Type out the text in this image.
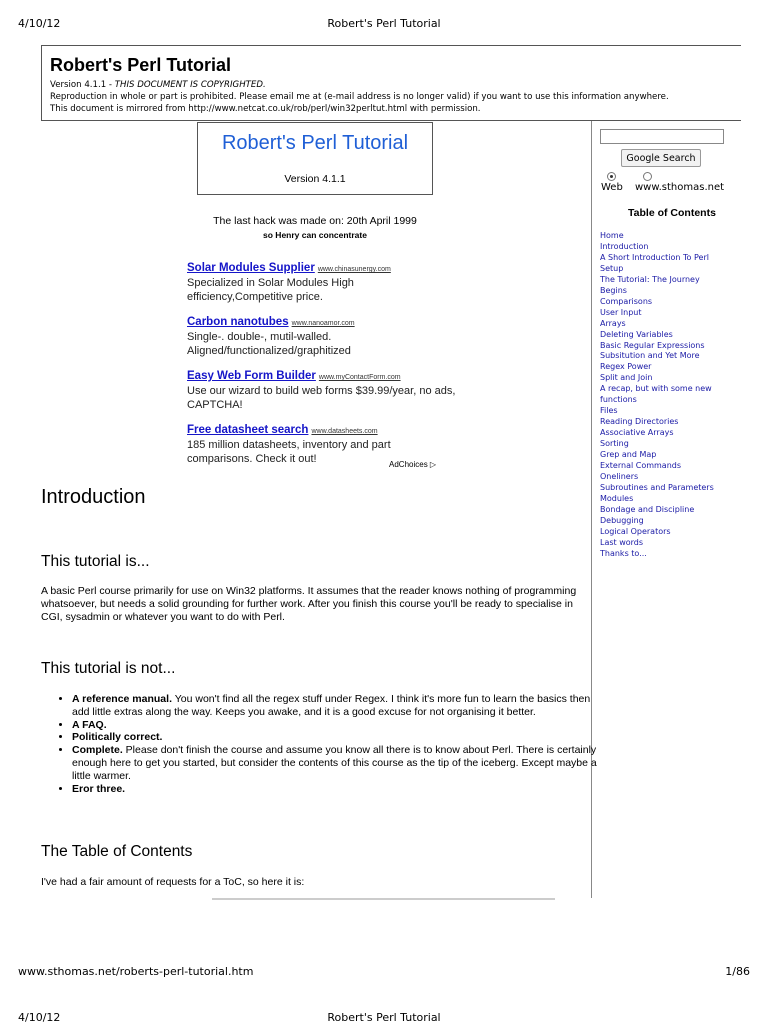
4/10/12	Robert's Perl Tutorial
Robert's Perl Tutorial
Version 4.1.1 - THIS DOCUMENT IS COPYRIGHTED.
Reproduction in whole or part is prohibited. Please email me at (e-mail address is no longer valid) if you want to use this information anywhere.
This document is mirrored from http://www.netcat.co.uk/rob/perl/win32perltut.html with permission.
Google Search
Web www.sthomas.net
Table of Contents
Home
Introduction
A Short Introduction To Perl
Setup
The Tutorial: The Journey
Begins
Comparisons
User Input
Arrays
Deleting Variables
Basic Regular Expressions
Subsitution and Yet More
Regex Power
Split and Join
A recap, but with some new
functions
Files
Reading Directories
Associative Arrays
Sorting
Grep and Map
External Commands
Oneliners
Subroutines and Parameters
Modules
Bondage and Discipline
Debugging
Logical Operators
Last words
Thanks to...
Robert's Perl Tutorial
Version 4.1.1
The last hack was made on: 20th April 1999
so Henry can concentrate
Solar Modules Supplier www.chinasunergy.com
Specialized in Solar Modules High efficiency,Competitive price.
Carbon nanotubes www.nanoamor.com
Single-. double-, mutil-walled. Aligned/functionalized/graphitized
Easy Web Form Builder www.myContactForm.com
Use our wizard to build web forms $39.99/year, no ads, CAPTCHA!
Free datasheet search www.datasheets.com
185 million datasheets, inventory and part comparisons. Check it out!	AdChoices ▷
Introduction
This tutorial is...
A basic Perl course primarily for use on Win32 platforms. It assumes that the reader knows nothing of programming whatsoever, but needs a solid grounding for further work. After you finish this course you'll be ready to specialise in CGI, sysadmin or whatever you want to do with Perl.
This tutorial is not...
• A reference manual. You won't find all the regex stuff under Regex. I think it's more fun to learn the basics then add little extras along the way. Keeps you awake, and it is a good excuse for not organising it better.
• A FAQ.
• Politically correct.
• Complete. Please don't finish the course and assume you know all there is to know about Perl. There is certainly enough here to get you started, but consider the contents of this course as the tip of the iceberg. Except maybe a little warmer.
• Eror three.
The Table of Contents
I've had a fair amount of requests for a ToC, so here it is:
www.sthomas.net/roberts-perl-tutorial.htm	1/86
4/10/12	Robert's Perl Tutorial
